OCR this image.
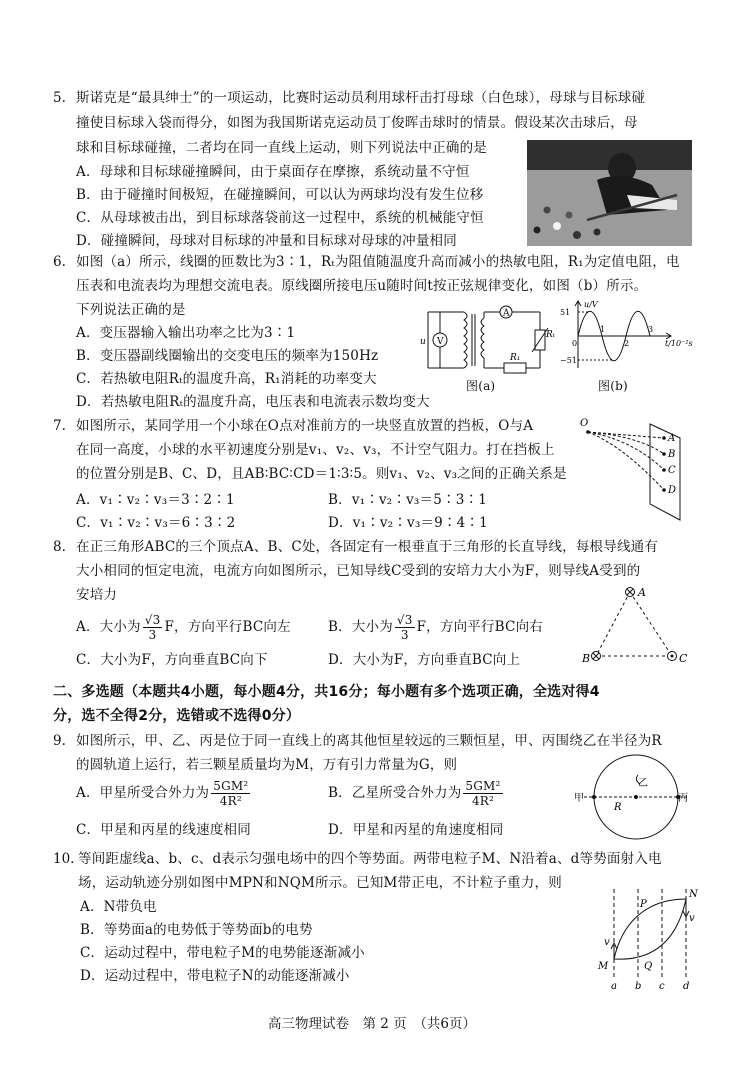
5. 斯诺克是“最具绅士”的一项运动，比赛时运动员利用球杆击打母球（白色球），母球与目标球碰
撞使目标球入袋而得分，如图为我国斯诺克运动员丁俊晖击球时的情景。假设某次击球后，母
球和目标球碰撞，二者均在同一直线上运动，则下列说法中正确的是
A．母球和目标球碰撞瞬间，由于桌面存在摩擦，系统动量不守恒
B．由于碰撞时间极短，在碰撞瞬间，可以认为两球均没有发生位移
C．从母球被击出，到目标球落袋前这一过程中，系统的机械能守恒
D．碰撞瞬间，母球对目标球的冲量和目标球对母球的冲量相同
6. 如图（a）所示，线圈的匝数比为3∶1，Rₜ为阻值随温度升高而减小的热敏电阻，R₁为定值电阻，电
压表和电流表均为理想交流电表。原线圈所接电压u随时间t按正弦规律变化，如图（b）所示。
下列说法正确的是
A．变压器输入输出功率之比为3∶1
B．变压器副线圈输出的交变电压的频率为150Hz
C．若热敏电阻Rₜ的温度升高，R₁消耗的功率变大
D．若热敏电阻Rₜ的温度升高，电压表和电流表示数均变大
V
A
u
Rₜ
R₁
图(a)
u/V
51
−51
0
1
2
3
t/10⁻²s
图(b)
7. 如图所示，某同学用一个小球在O点对准前方的一块竖直放置的挡板，O与A
在同一高度，小球的水平初速度分别是v₁、v₂、v₃，不计空气阻力。打在挡板上
的位置分别是B、C、D，且AB∶BC∶CD＝1∶3∶5。则v₁、v₂、v₃之间的正确关系是
A．v₁∶v₂∶v₃＝3∶2∶1	B．v₁∶v₂∶v₃＝5∶3∶1
C．v₁∶v₂∶v₃＝6∶3∶2	D．v₁∶v₂∶v₃＝9∶4∶1
O
A
B
C
D
8. 在正三角形ABC的三个顶点A、B、C处，各固定有一根垂直于三角形的长直导线，每根导线通有
大小相同的恒定电流，电流方向如图所示，已知导线C受到的安培力大小为F，则导线A受到的
安培力
A．大小为 $\frac{√3}{3}$ F，方向平行BC向左	B．大小为 $\frac{√3}{3}$ F，方向平行BC向右
C．大小为F，方向垂直BC向下	D．大小为F，方向垂直BC向上
A
B	C
二、多选题（本题共4小题，每小题4分，共16分；每小题有多个选项正确，全选对得4
分，选不全得2分，选错或不选得0分）
9. 如图所示，甲、乙、丙是位于同一直线上的离其他恒星较远的三颗恒星，甲、丙围绕乙在半径为R
的圆轨道上运行，若三颗星质量均为M，万有引力常量为G，则
A．甲星所受合外力为 $\frac{\text{5GM²}}{\text{4R²}}$	B．乙星所受合外力为 $\frac{\text{5GM²}}{\text{4R²}}$
C．甲星和丙星的线速度相同	D．甲星和丙星的角速度相同
甲
乙
丙
R
10. 等间距虚线a、b、c、d表示匀强电场中的四个等势面。两带电粒子M、N沿着a、d等势面射入电
场，运动轨迹分别如图中MPN和NQM所示。已知M带正电，不计粒子重力，则
A．N带负电
B．等势面a的电势低于等势面b的电势
C．运动过程中，带电粒子M的电势能逐渐减小
D．运动过程中，带电粒子N的动能逐渐减小
P
N
M	Q
v
v
a b c d
高三物理试卷　第 2 页　（共6页）
